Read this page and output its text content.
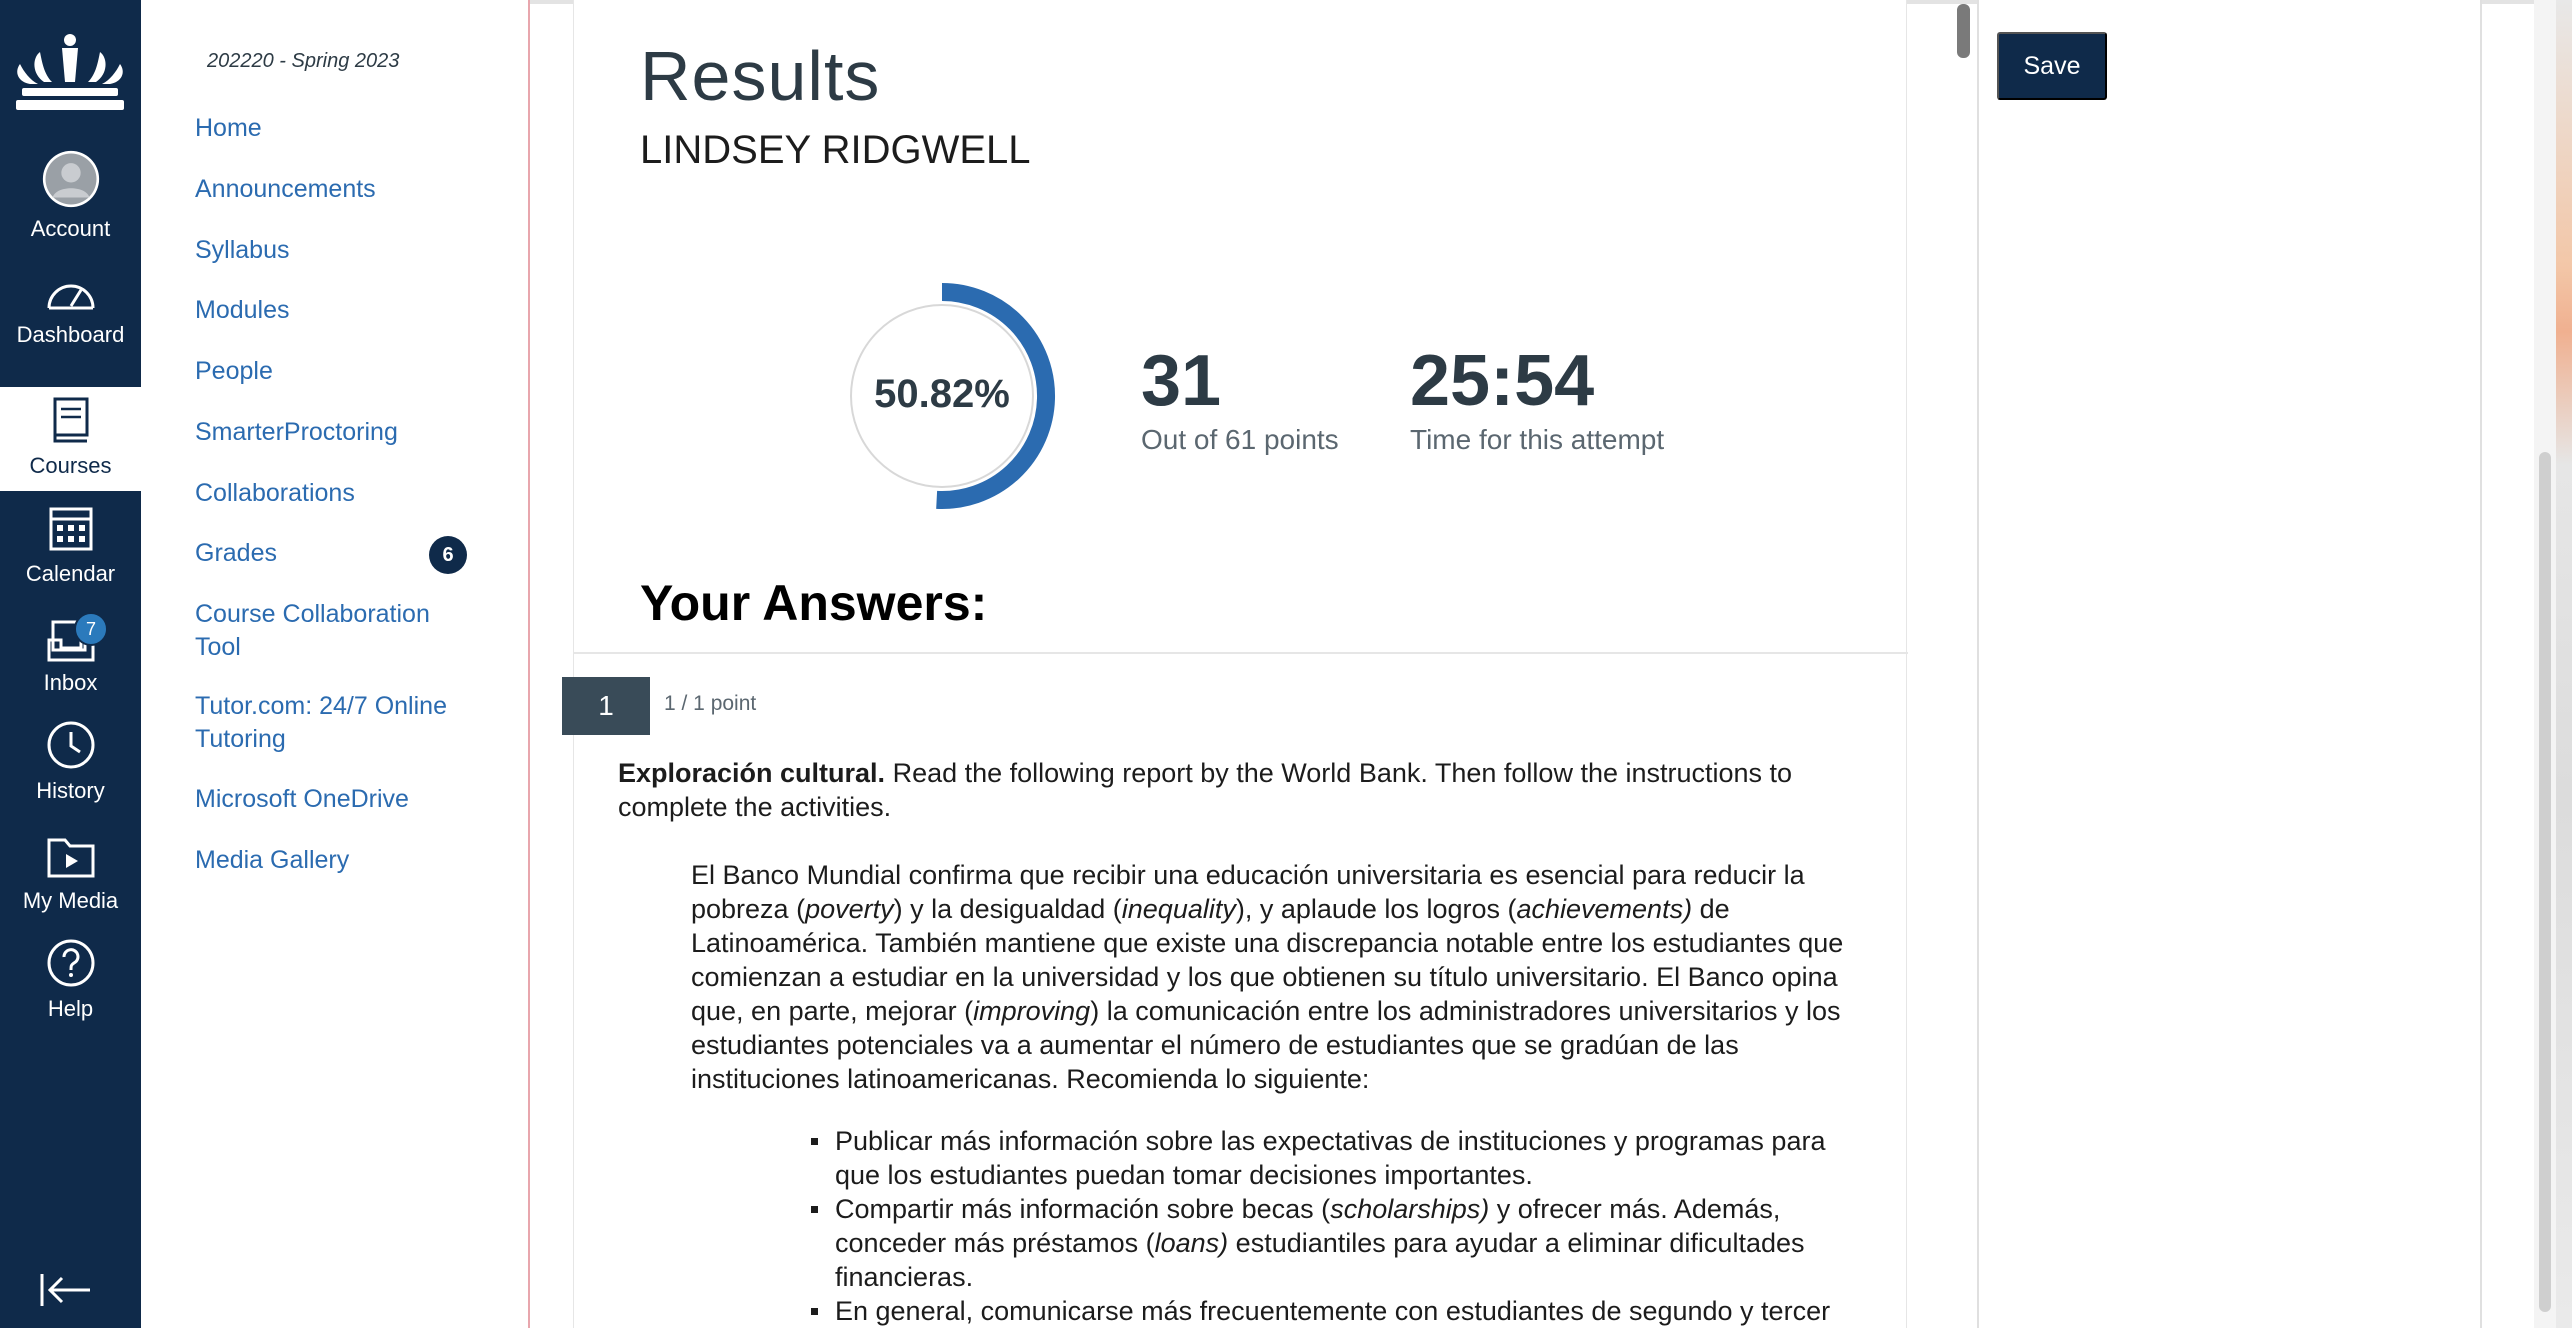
Account
Dashboard
Courses
Calendar
7
Inbox
History
My Media
Help
202220 - Spring 2023
Home
Announcements
Syllabus
Modules
People
SmarterProctoring
Collaborations
Grades	6
Course Collaboration Tool
Tutor.com: 24/7 Online Tutoring
Microsoft OneDrive
Media Gallery
Results
LINDSEY RIDGWELL
50.82%	31
Out of 61 points
25:54
Time for this attempt
Your Answers:
1	1 / 1 point

Exploración cultural. Read the following report by the World Bank. Then follow the instructions to complete the activities.

El Banco Mundial confirma que recibir una educación universitaria es esencial para reducir la pobreza (poverty) y la desigualdad (inequality), y aplaude los logros (achievements) de Latinoamérica. También mantiene que existe una discrepancia notable entre los estudiantes que comienzan a estudiar en la universidad y los que obtienen su título universitario. El Banco opina que, en parte, mejorar (improving) la comunicación entre los administradores universitarios y los estudiantes potenciales va a aumentar el número de estudiantes que se gradúan de las instituciones latinoamericanas. Recomienda lo siguiente:

Publicar más información sobre las expectativas de instituciones y programas para que los estudiantes puedan tomar decisiones importantes.
Compartir más información sobre becas (scholarships) y ofrecer más. Además, conceder más préstamos (loans) estudiantiles para ayudar a eliminar dificultades financieras.
En general, comunicarse más frecuentemente con estudiantes de segundo y tercer
Save
